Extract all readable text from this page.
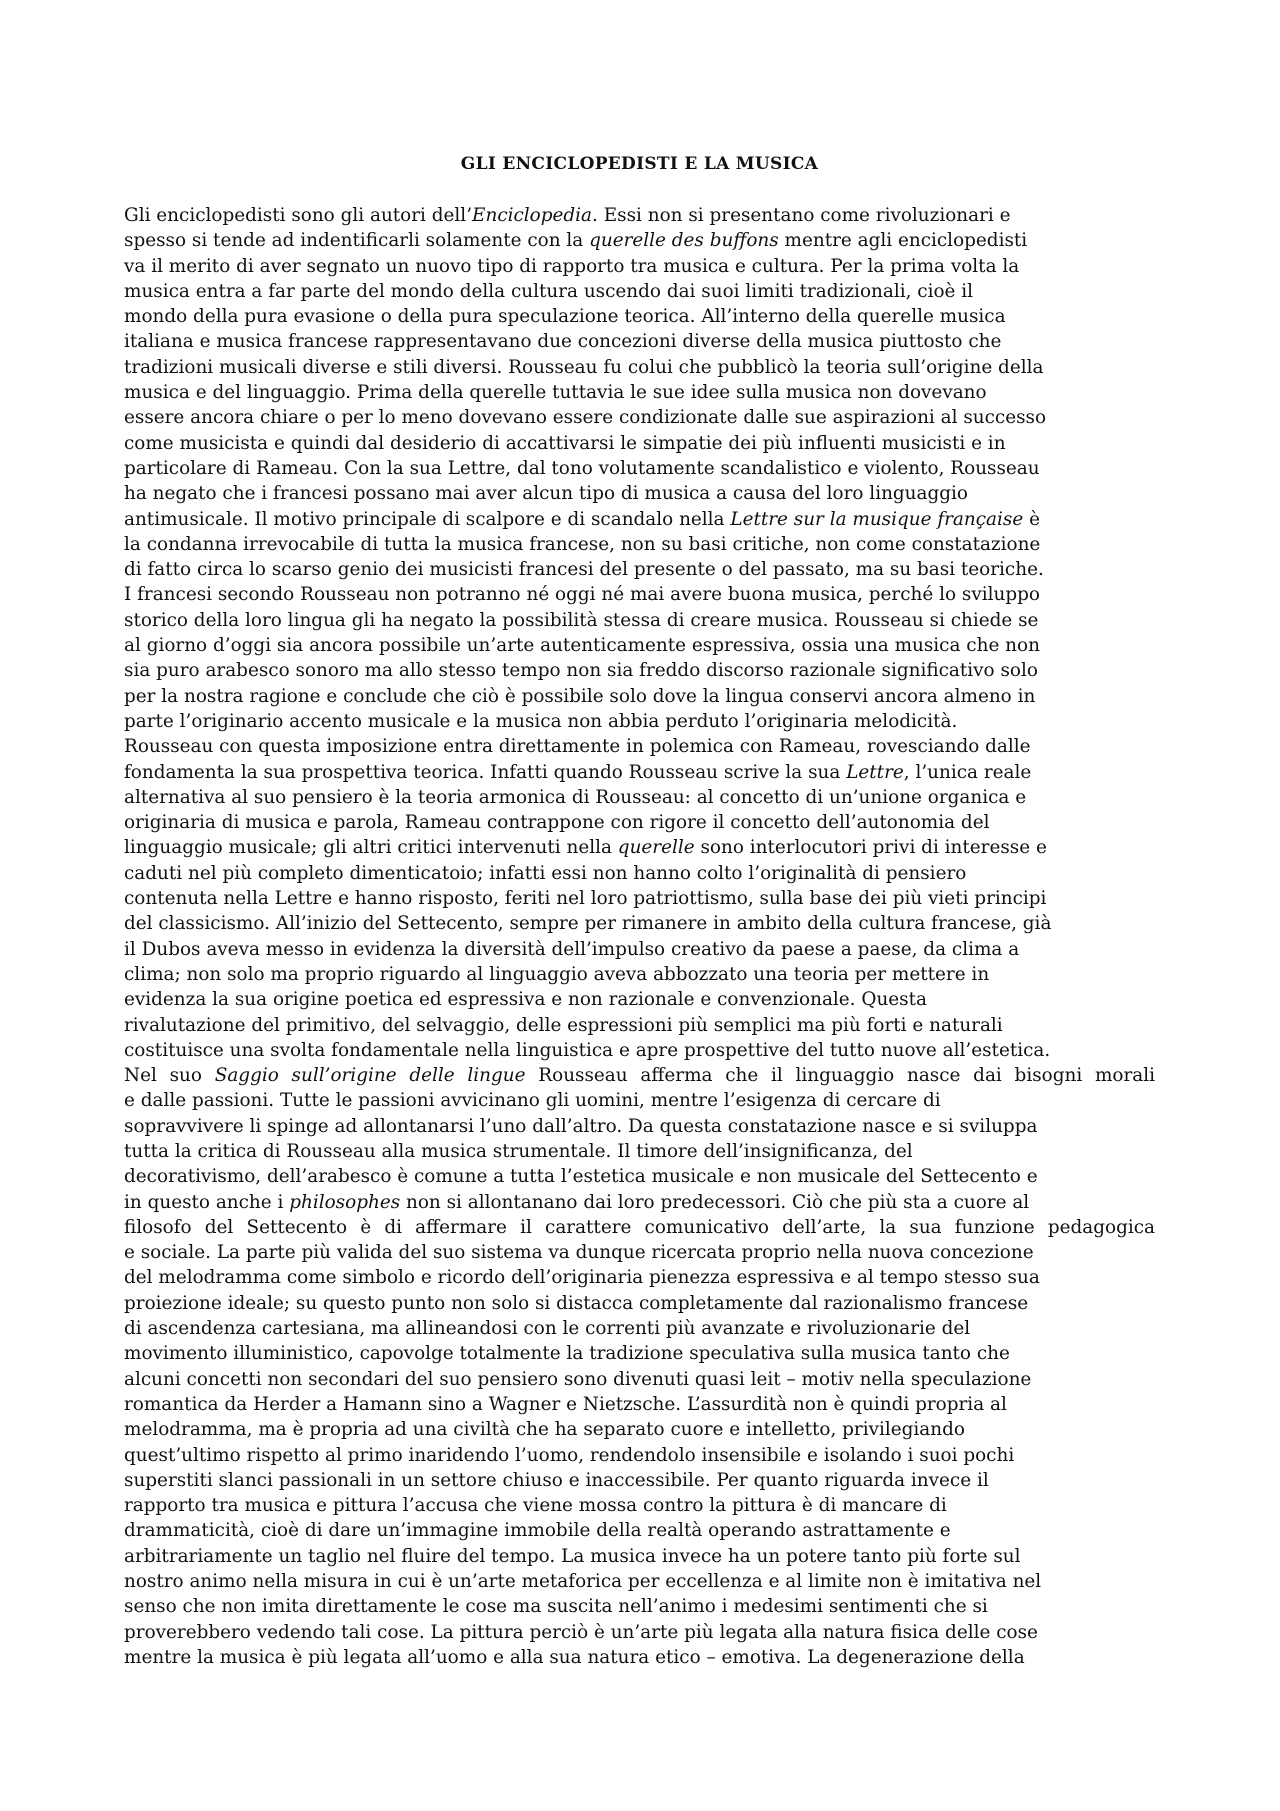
GLI ENCICLOPEDISTI E LA MUSICA
Gli enciclopedisti sono gli autori dell’Enciclopedia. Essi non si presentano come rivoluzionari e
spesso si tende ad indentificarli solamente con la querelle des buffons mentre agli enciclopedisti
va il merito di aver segnato un nuovo tipo di rapporto tra musica e cultura. Per la prima volta la
musica entra a far parte del mondo della cultura uscendo dai suoi limiti tradizionali, cioè il
mondo della pura evasione o della pura speculazione teorica. All’interno della querelle musica
italiana e musica francese rappresentavano due concezioni diverse della musica piuttosto che
tradizioni musicali diverse e stili diversi. Rousseau fu colui che pubblicò la teoria sull’origine della
musica e del linguaggio. Prima della querelle tuttavia le sue idee sulla musica non dovevano
essere ancora chiare o per lo meno dovevano essere condizionate dalle sue aspirazioni al successo
come musicista e quindi dal desiderio di accattivarsi le simpatie dei più influenti musicisti e in
particolare di Rameau. Con la sua Lettre, dal tono volutamente scandalistico e violento, Rousseau
ha negato che i francesi possano mai aver alcun tipo di musica a causa del loro linguaggio
antimusicale. Il motivo principale di scalpore e di scandalo nella Lettre sur la musique française è
la condanna irrevocabile di tutta la musica francese, non su basi critiche, non come constatazione
di fatto circa lo scarso genio dei musicisti francesi del presente o del passato, ma su basi teoriche.
I francesi secondo Rousseau non potranno né oggi né mai avere buona musica, perché lo sviluppo
storico della loro lingua gli ha negato la possibilità stessa di creare musica. Rousseau si chiede se
al giorno d’oggi sia ancora possibile un’arte autenticamente espressiva, ossia una musica che non
sia puro arabesco sonoro ma allo stesso tempo non sia freddo discorso razionale significativo solo
per la nostra ragione e conclude che ciò è possibile solo dove la lingua conservi ancora almeno in
parte l’originario accento musicale e la musica non abbia perduto l’originaria melodicità.
Rousseau con questa imposizione entra direttamente in polemica con Rameau, rovesciando dalle
fondamenta la sua prospettiva teorica. Infatti quando Rousseau scrive la sua Lettre, l’unica reale
alternativa al suo pensiero è la teoria armonica di Rousseau: al concetto di un’unione organica e
originaria di musica e parola, Rameau contrappone con rigore il concetto dell’autonomia del
linguaggio musicale; gli altri critici intervenuti nella querelle sono interlocutori privi di interesse e
caduti nel più completo dimenticatoio; infatti essi non hanno colto l’originalità di pensiero
contenuta nella Lettre e hanno risposto, feriti nel loro patriottismo, sulla base dei più vieti principi
del classicismo. All’inizio del Settecento, sempre per rimanere in ambito della cultura francese, già
il Dubos aveva messo in evidenza la diversità dell’impulso creativo da paese a paese, da clima a
clima; non solo ma proprio riguardo al linguaggio aveva abbozzato una teoria per mettere in
evidenza la sua origine poetica ed espressiva e non razionale e convenzionale. Questa
rivalutazione del primitivo, del selvaggio, delle espressioni più semplici ma più forti e naturali
costituisce una svolta fondamentale nella linguistica e apre prospettive del tutto nuove all’estetica.
Nel suo Saggio sull’origine delle lingue Rousseau afferma che il linguaggio nasce dai bisogni morali
e dalle passioni. Tutte le passioni avvicinano gli uomini, mentre l’esigenza di cercare di
sopravvivere li spinge ad allontanarsi l’uno dall’altro. Da questa constatazione nasce e si sviluppa
tutta la critica di Rousseau alla musica strumentale. Il timore dell’insignificanza, del
decorativismo, dell’arabesco è comune a tutta l’estetica musicale e non musicale del Settecento e
in questo anche i philosophes non si allontanano dai loro predecessori. Ciò che più sta a cuore al
filosofo del Settecento è di affermare il carattere comunicativo dell’arte, la sua funzione pedagogica
e sociale. La parte più valida del suo sistema va dunque ricercata proprio nella nuova concezione
del melodramma come simbolo e ricordo dell’originaria pienezza espressiva e al tempo stesso sua
proiezione ideale; su questo punto non solo si distacca completamente dal razionalismo francese
di ascendenza cartesiana, ma allineandosi con le correnti più avanzate e rivoluzionarie del
movimento illuministico, capovolge totalmente la tradizione speculativa sulla musica tanto che
alcuni concetti non secondari del suo pensiero sono divenuti quasi leit – motiv nella speculazione
romantica da Herder a Hamann sino a Wagner e Nietzsche. L’assurdità non è quindi propria al
melodramma, ma è propria ad una civiltà che ha separato cuore e intelletto, privilegiando
quest’ultimo rispetto al primo inaridendo l’uomo, rendendolo insensibile e isolando i suoi pochi
superstiti slanci passionali in un settore chiuso e inaccessibile. Per quanto riguarda invece il
rapporto tra musica e pittura l’accusa che viene mossa contro la pittura è di mancare di
drammaticità, cioè di dare un’immagine immobile della realtà operando astrattamente e
arbitrariamente un taglio nel fluire del tempo. La musica invece ha un potere tanto più forte sul
nostro animo nella misura in cui è un’arte metaforica per eccellenza e al limite non è imitativa nel
senso che non imita direttamente le cose ma suscita nell’animo i medesimi sentimenti che si
proverebbero vedendo tali cose. La pittura perciò è un’arte più legata alla natura fisica delle cose
mentre la musica è più legata all’uomo e alla sua natura etico – emotiva. La degenerazione della
